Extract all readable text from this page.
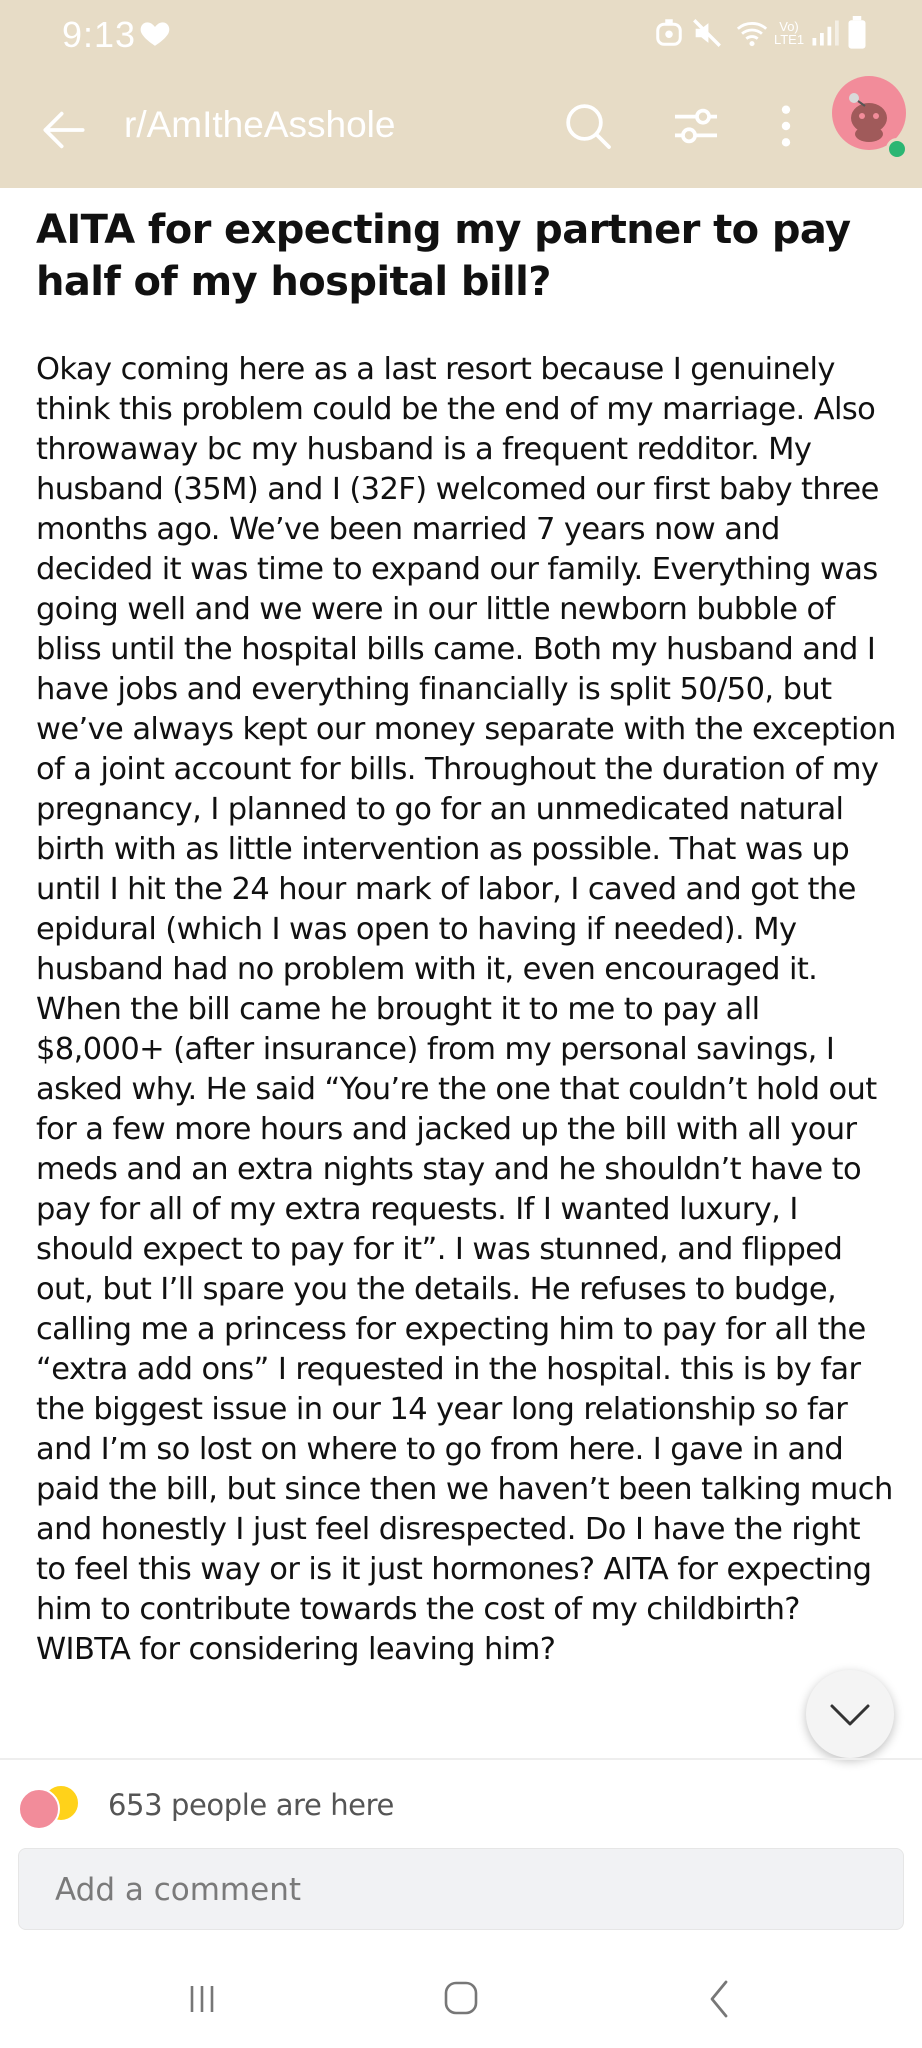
9:13	Vo) LTE1
r/AmItheAsshole
AITA for expecting my partner to pay half of my hospital bill?

Okay coming here as a last resort because I genuinely think this problem could be the end of my marriage. Also throwaway bc my husband is a frequent redditor. My husband (35M) and I (32F) welcomed our first baby three months ago. We’ve been married 7 years now and decided it was time to expand our family. Everything was going well and we were in our little newborn bubble of bliss until the hospital bills came. Both my husband and I have jobs and everything financially is split 50/50, but we’ve always kept our money separate with the exception of a joint account for bills. Throughout the duration of my pregnancy, I planned to go for an unmedicated natural birth with as little intervention as possible. That was up until I hit the 24 hour mark of labor, I caved and got the epidural (which I was open to having if needed). My husband had no problem with it, even encouraged it. When the bill came he brought it to me to pay all $8,000+ (after insurance) from my personal savings, I asked why. He said “You’re the one that couldn’t hold out for a few more hours and jacked up the bill with all your meds and an extra nights stay and he shouldn’t have to pay for all of my extra requests. If I wanted luxury, I should expect to pay for it”. I was stunned, and flipped out, but I’ll spare you the details. He refuses to budge, calling me a princess for expecting him to pay for all the “extra add ons” I requested in the hospital. this is by far the biggest issue in our 14 year long relationship so far and I’m so lost on where to go from here. I gave in and paid the bill, but since then we haven’t been talking much and honestly I just feel disrespected. Do I have the right to feel this way or is it just hormones? AITA for expecting him to contribute towards the cost of my childbirth? WIBTA for considering leaving him?

653 people are here
Add a comment
